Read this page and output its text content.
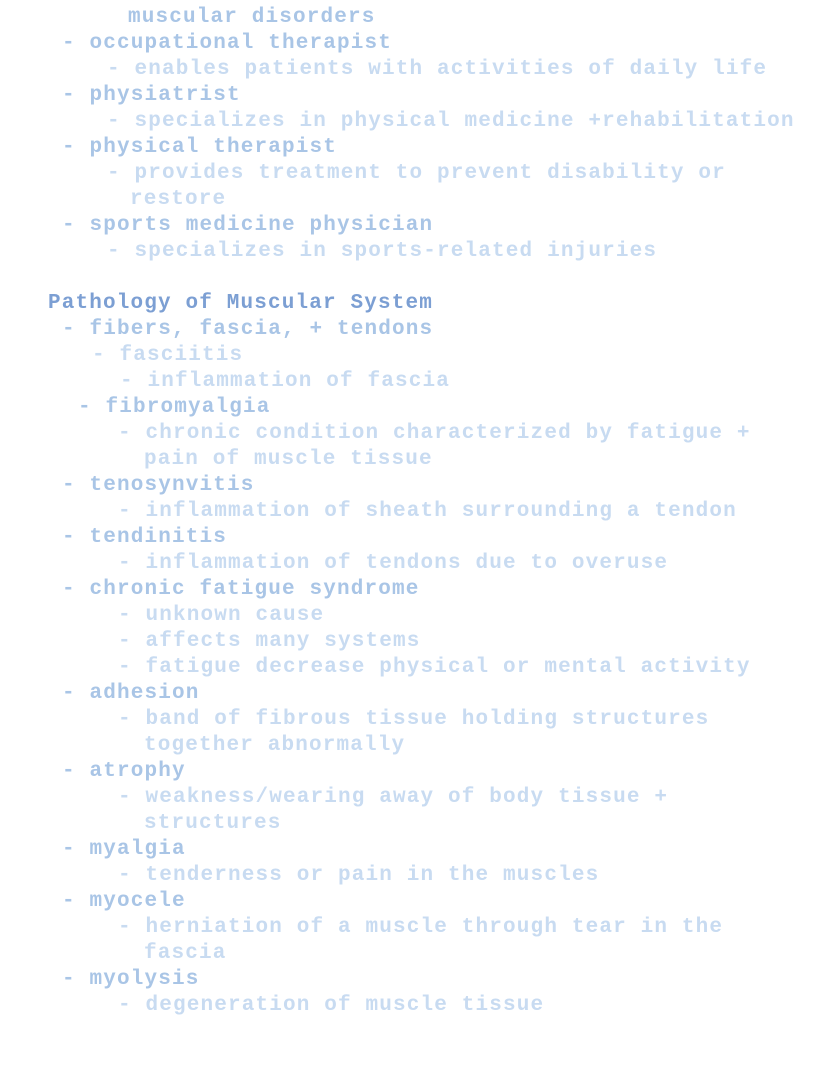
muscular disorders
- occupational therapist
- enables patients with activities of daily life
- physiatrist
- specializes in physical medicine +rehabilitation
- physical therapist
- provides treatment to prevent disability or
restore
- sports medicine physician
- specializes in sports-related injuries
Pathology of Muscular System
- fibers, fascia, + tendons
- fasciitis
- inflammation of fascia
- fibromyalgia
- chronic condition characterized by fatigue +
pain of muscle tissue
- tenosynvitis
- inflammation of sheath surrounding a tendon
- tendinitis
- inflammation of tendons due to overuse
- chronic fatigue syndrome
- unknown cause
- affects many systems
- fatigue decrease physical or mental activity
- adhesion
- band of fibrous tissue holding structures
together abnormally
- atrophy
- weakness/wearing away of body tissue +
structures
- myalgia
- tenderness or pain in the muscles
- myocele
- herniation of a muscle through tear in the
fascia
- myolysis
- degeneration of muscle tissue
